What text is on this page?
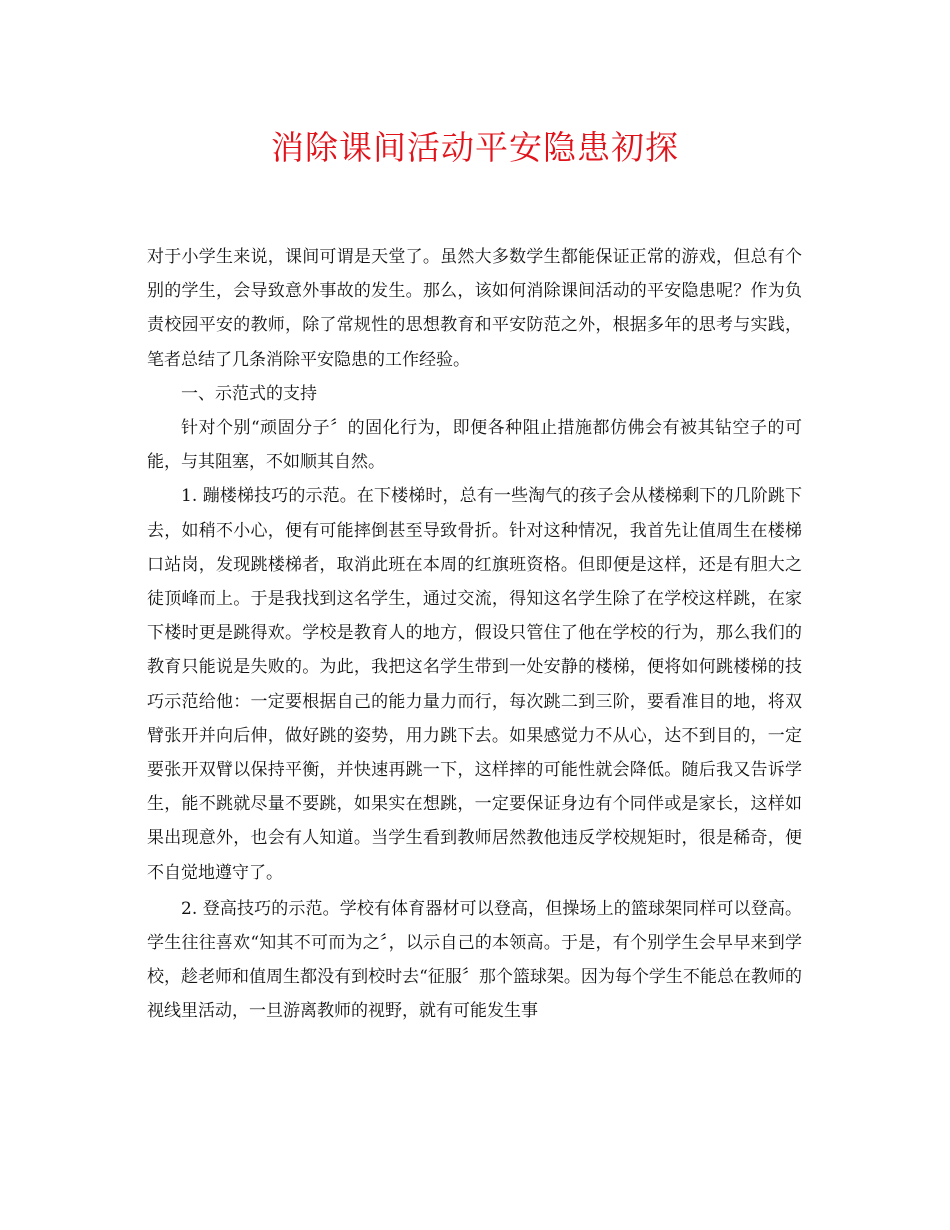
消除课间活动平安隐患初探

对于小学生来说，课间可谓是天堂了。虽然大多数学生都能保证正常的游戏，但总有个别的学生，会导致意外事故的发生。那么，该如何消除课间活动的平安隐患呢？作为负责校园平安的教师，除了常规性的思想教育和平安防范之外，根据多年的思考与实践，笔者总结了几条消除平安隐患的工作经验。

一、示范式的支持

针对个别“顽固分子〞的固化行为，即便各种阻止措施都仿佛会有被其钻空子的可能，与其阻塞，不如顺其自然。

1. 蹦楼梯技巧的示范。在下楼梯时，总有一些淘气的孩子会从楼梯剩下的几阶跳下去，如稍不小心，便有可能摔倒甚至导致骨折。针对这种情况，我首先让值周生在楼梯口站岗，发现跳楼梯者，取消此班在本周的红旗班资格。但即便是这样，还是有胆大之徒顶峰而上。于是我找到这名学生，通过交流，得知这名学生除了在学校这样跳，在家下楼时更是跳得欢。学校是教育人的地方，假设只管住了他在学校的行为，那么我们的教育只能说是失败的。为此，我把这名学生带到一处安静的楼梯，便将如何跳楼梯的技巧示范给他：一定要根据自己的能力量力而行，每次跳二到三阶，要看准目的地，将双臂张开并向后伸，做好跳的姿势，用力跳下去。如果感觉力不从心，达不到目的，一定要张开双臂以保持平衡，并快速再跳一下，这样摔的可能性就会降低。随后我又告诉学生，能不跳就尽量不要跳，如果实在想跳，一定要保证身边有个同伴或是家长，这样如果出现意外，也会有人知道。当学生看到教师居然教他违反学校规矩时，很是稀奇，便不自觉地遵守了。

2. 登高技巧的示范。学校有体育器材可以登高，但操场上的篮球架同样可以登高。学生往往喜欢“知其不可而为之〞，以示自己的本领高。于是，有个别学生会早早来到学校，趁老师和值周生都没有到校时去“征服〞那个篮球架。因为每个学生不能总在教师的视线里活动，一旦游离教师的视野，就有可能发生事
